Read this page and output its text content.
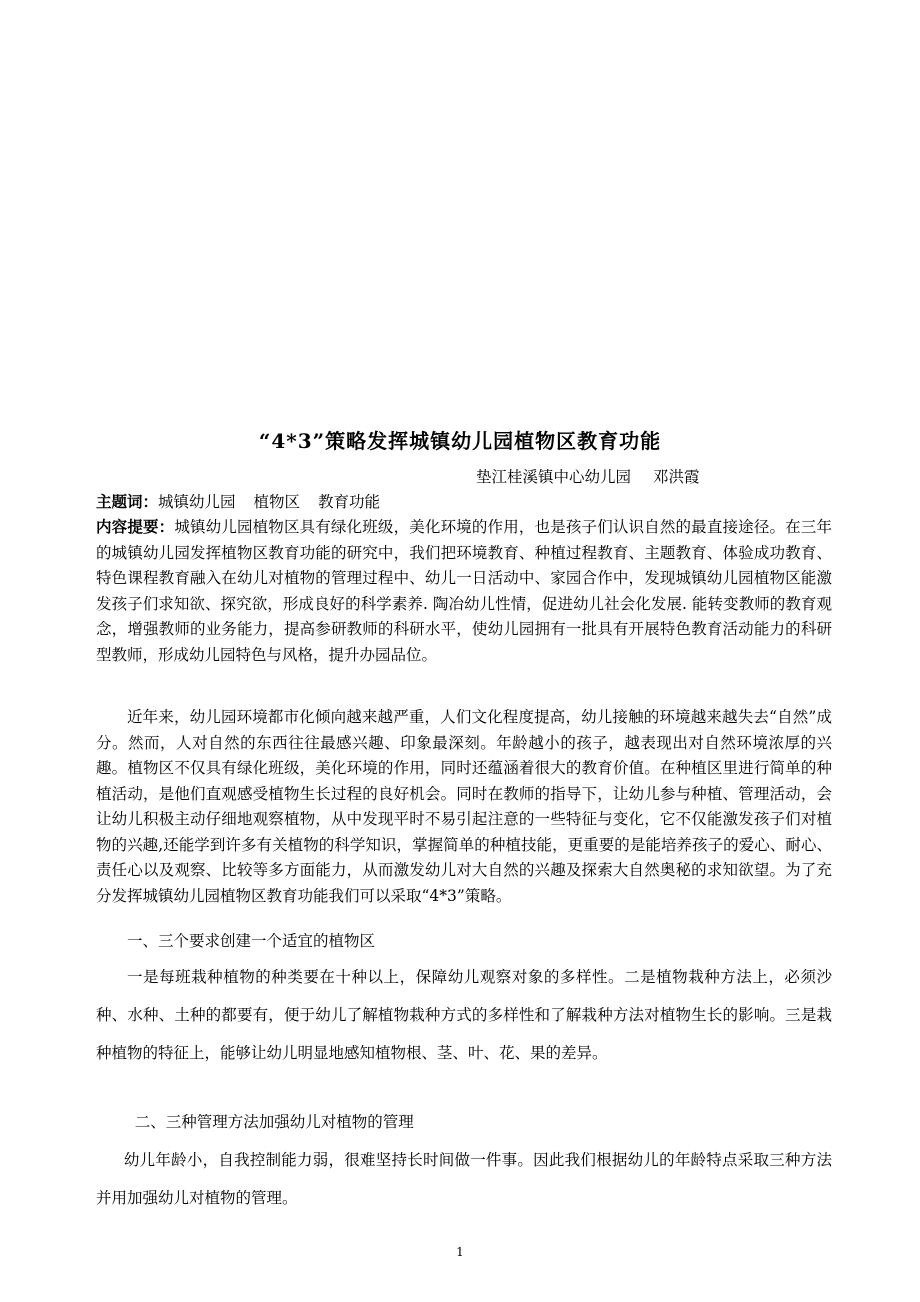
“4*3”策略发挥城镇幼儿园植物区教育功能
垫江桂溪镇中心幼儿园 邓洪霞

主题词：城镇幼儿园 植物区 教育功能

内容提要：城镇幼儿园植物区具有绿化班级，美化环境的作用，也是孩子们认识自然的最直接途径。在三年的城镇幼儿园发挥植物区教育功能的研究中，我们把环境教育、种植过程教育、主题教育、体验成功教育、特色课程教育融入在幼儿对植物的管理过程中、幼儿一日活动中、家园合作中，发现城镇幼儿园植物区能激发孩子们求知欲、探究欲，形成良好的科学素养. 陶冶幼儿性情，促进幼儿社会化发展. 能转变教师的教育观念，增强教师的业务能力，提高参研教师的科研水平，使幼儿园拥有一批具有开展特色教育活动能力的科研型教师，形成幼儿园特色与风格，提升办园品位。

近年来，幼儿园环境都市化倾向越来越严重，人们文化程度提高，幼儿接触的环境越来越失去“自然”成分。然而，人对自然的东西往往最感兴趣、印象最深刻。年龄越小的孩子，越表现出对自然环境浓厚的兴趣。植物区不仅具有绿化班级，美化环境的作用，同时还蕴涵着很大的教育价值。在种植区里进行简单的种植活动，是他们直观感受植物生长过程的良好机会。同时在教师的指导下，让幼儿参与种植、管理活动，会让幼儿积极主动仔细地观察植物，从中发现平时不易引起注意的一些特征与变化，它不仅能激发孩子们对植物的兴趣,还能学到许多有关植物的科学知识，掌握简单的种植技能，更重要的是能培养孩子的爱心、耐心、责任心以及观察、比较等多方面能力，从而激发幼儿对大自然的兴趣及探索大自然奥秘的求知欲望。为了充分发挥城镇幼儿园植物区教育功能我们可以采取“4*3”策略。

一、三个要求创建一个适宜的植物区

一是每班栽种植物的种类要在十种以上，保障幼儿观察对象的多样性。二是植物栽种方法上，必须沙种、水种、土种的都要有，便于幼儿了解植物栽种方式的多样性和了解栽种方法对植物生长的影响。三是栽种植物的特征上，能够让幼儿明显地感知植物根、茎、叶、花、果的差异。

二、三种管理方法加强幼儿对植物的管理

幼儿年龄小，自我控制能力弱，很难坚持长时间做一件事。因此我们根据幼儿的年龄特点采取三种方法并用加强幼儿对植物的管理。

1
